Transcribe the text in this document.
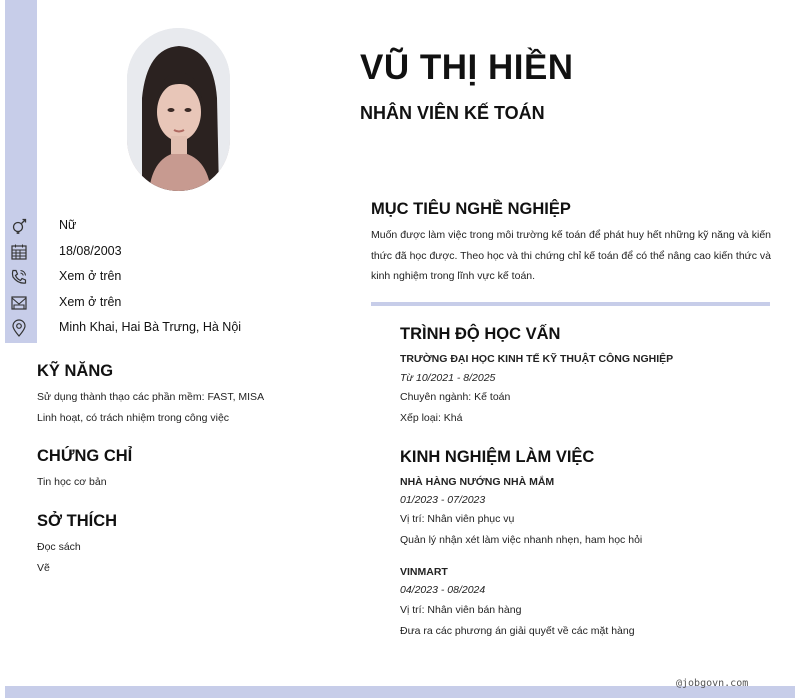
VŨ THỊ HIỀN
NHÂN VIÊN KẾ TOÁN
Nữ
18/08/2003
Xem ở trên
Xem ở trên
Minh Khai, Hai Bà Trưng, Hà Nội
KỸ NĂNG
Sử dụng thành thạo các phần mềm: FAST, MISA
Linh hoạt, có trách nhiệm trong công việc
CHỨNG CHỈ
Tin học cơ bản
SỞ THÍCH
Đọc sách
Vẽ
MỤC TIÊU NGHỀ NGHIỆP
Muốn được làm việc trong môi trường kế toán để phát huy hết những kỹ năng và kiến thức đã học được. Theo học và thi chứng chỉ kế toán để có thể nâng cao kiến thức và kinh nghiệm trong lĩnh vực kế toán.
TRÌNH ĐỘ HỌC VẤN
TRƯỜNG ĐẠI HỌC KINH TẾ KỸ THUẬT CÔNG NGHIỆP
Từ 10/2021 - 8/2025
Chuyên ngành: Kế toán
Xếp loại: Khá
KINH NGHIỆM LÀM VIỆC
NHÀ HÀNG NƯỚNG NHÀ MẮM
01/2023 - 07/2023
Vị trí: Nhân viên phục vụ
Quản lý nhận xét làm việc nhanh nhẹn, ham học hỏi
VINMART
04/2023 - 08/2024
Vị trí: Nhân viên bán hàng
Đưa ra các phương án giải quyết về các mặt hàng
@jobgovn.com
